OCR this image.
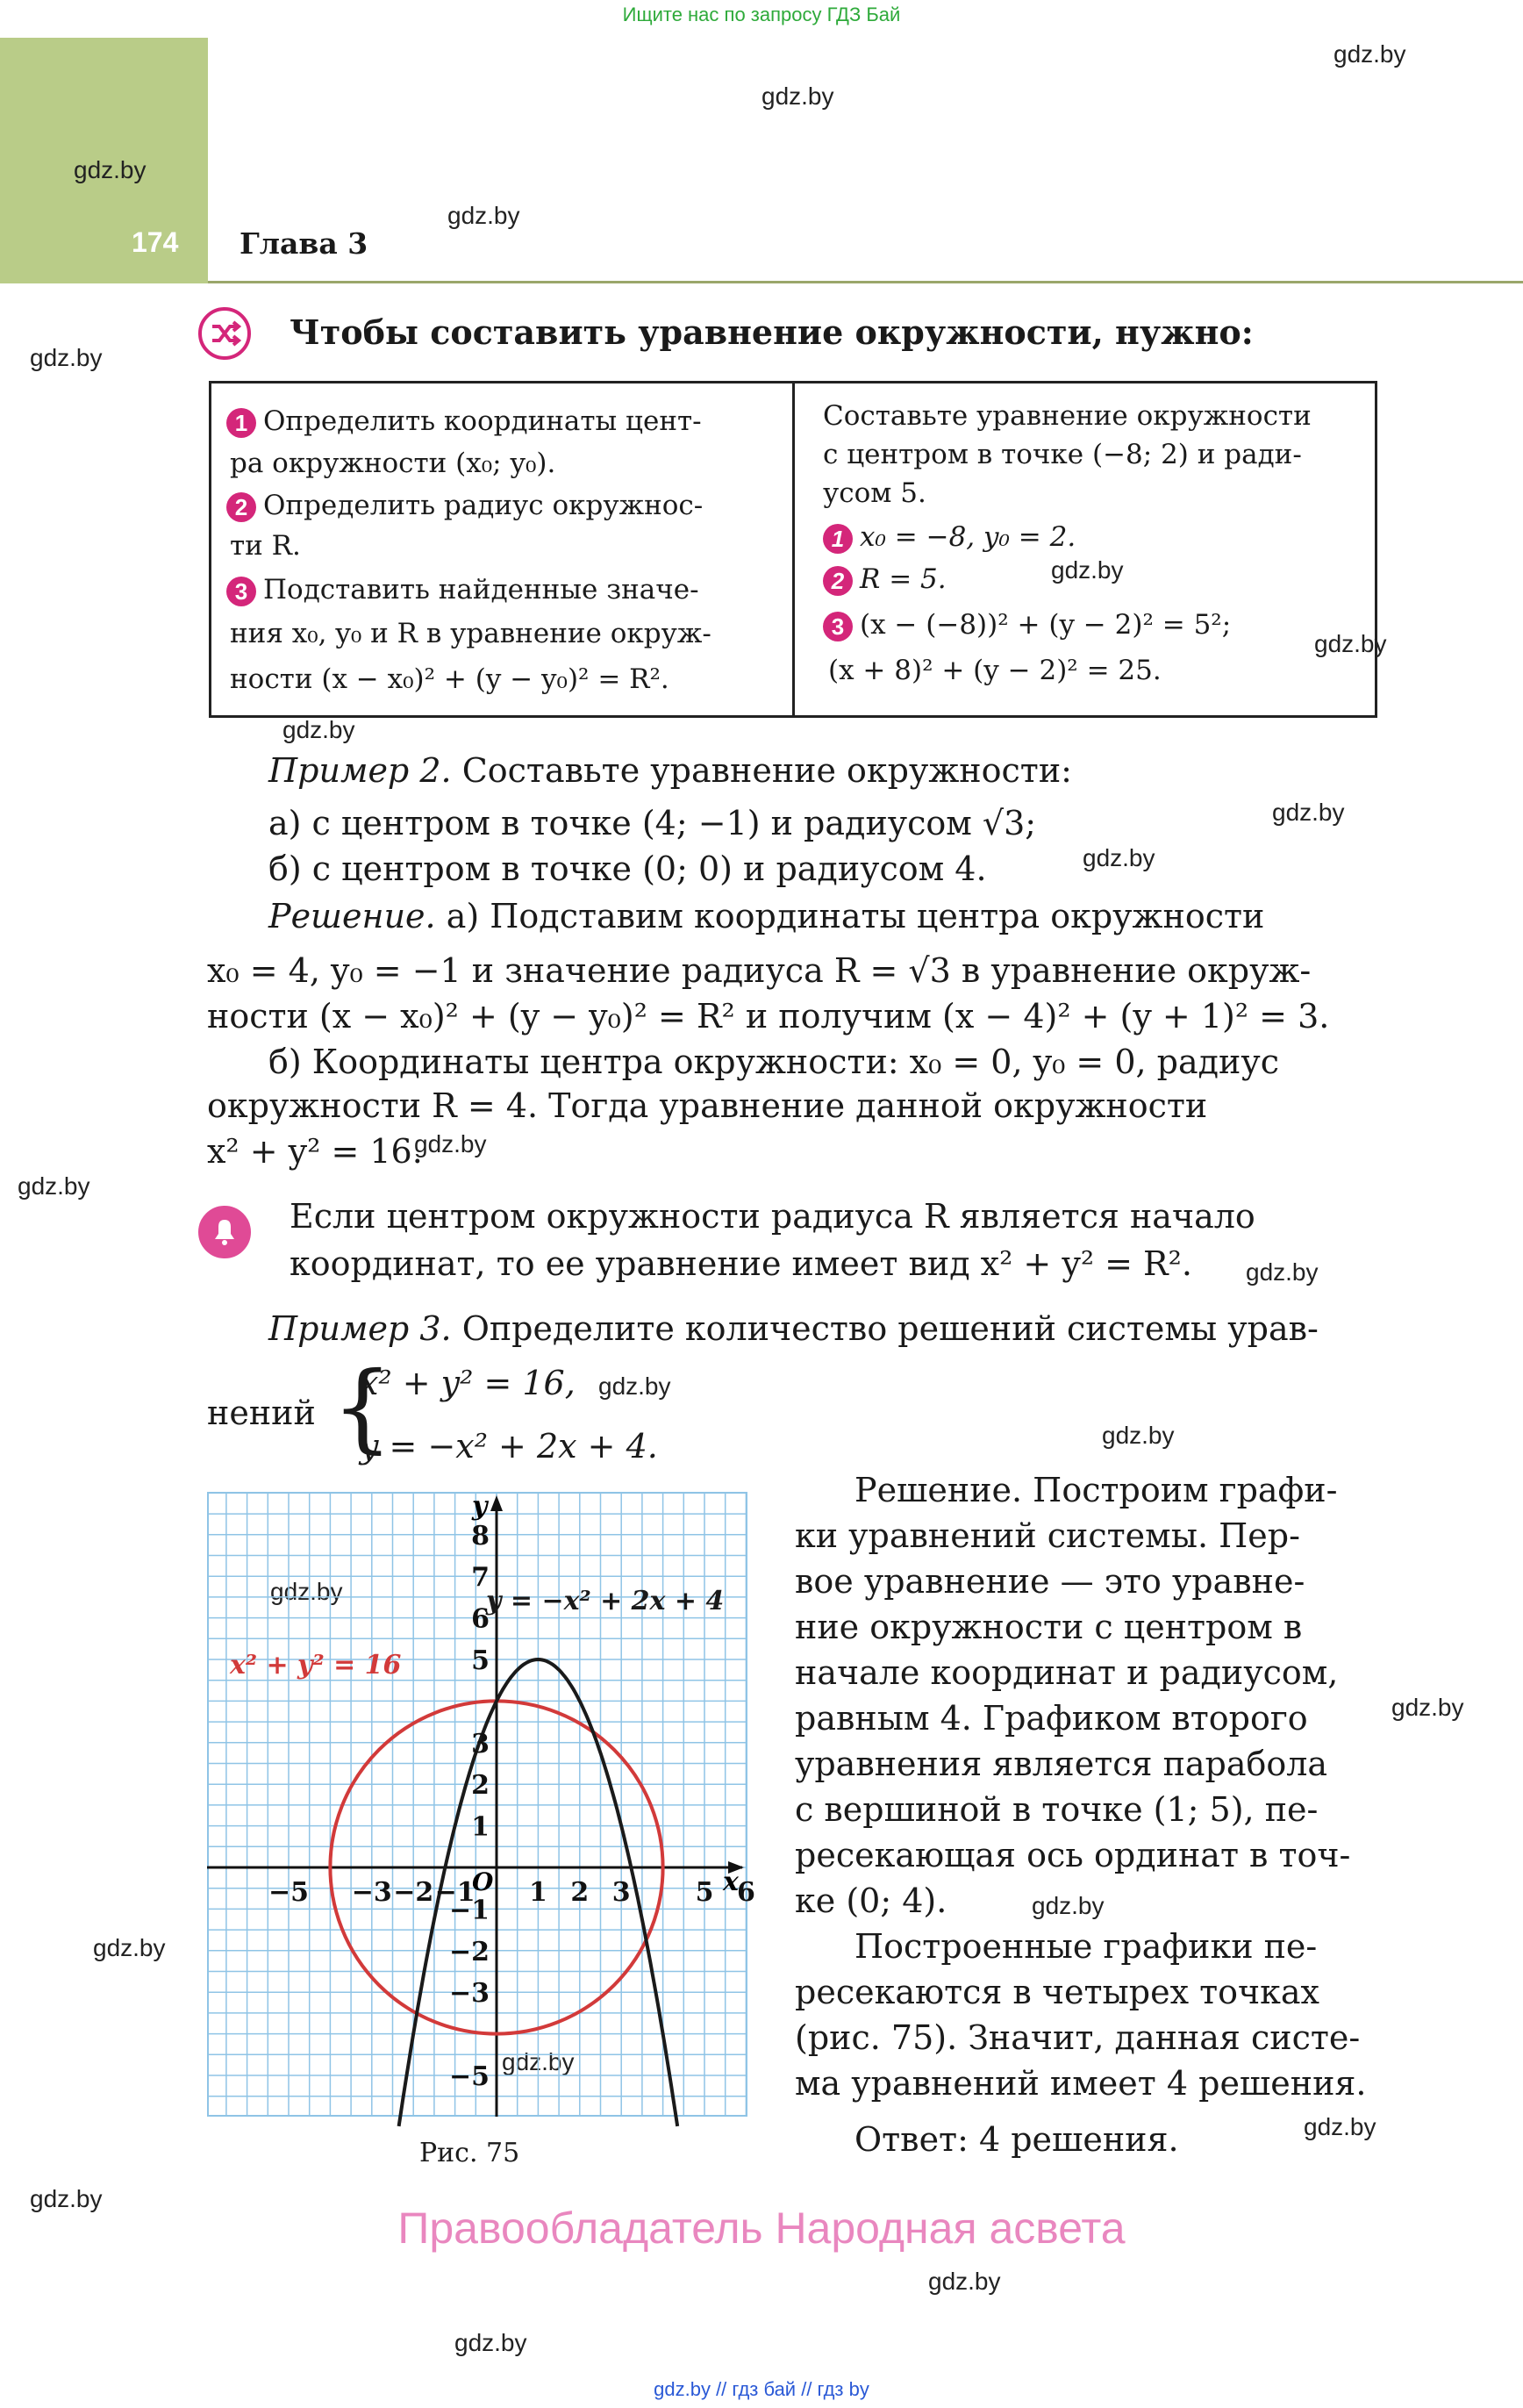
Ищите нас по запросу ГДЗ Бай
174 Глава 3
gdz.by
gdz.by
gdz.by
gdz.by
gdz.by
gdz.by
gdz.by
gdz.by
gdz.by
gdz.by
gdz.by
gdz.by
gdz.by
gdz.by
gdz.by
gdz.by
gdz.by
gdz.by
gdz.by
gdz.by
gdz.by
gdz.by
gdz.by
gdz.by
Чтобы составить уравнение окружности, нужно:
1 Определить координаты цент-
ра окружности (x₀; y₀).
2 Определить радиус окружнос-
ти R.
3 Подставить найденные значе-
ния x₀, y₀ и R в уравнение окруж-
ности (x − x₀)² + (y − y₀)² = R².
Составьте уравнение окружности
с центром в точке (−8; 2) и ради-
усом 5.
1 x₀ = −8, y₀ = 2.
2 R = 5.
3 (x − (−8))² + (y − 2)² = 5²;
(x + 8)² + (y − 2)² = 25.
Пример 2. Составьте уравнение окружности:
а) с центром в точке (4; −1) и радиусом √3;
б) с центром в точке (0; 0) и радиусом 4.
Решение. а) Подставим координаты центра окружности
x₀ = 4, y₀ = −1 и значение радиуса R = √3 в уравнение окруж-
ности (x − x₀)² + (y − y₀)² = R² и получим (x − 4)² + (y + 1)² = 3.
б) Координаты центра окружности: x₀ = 0, y₀ = 0, радиус
окружности R = 4. Тогда уравнение данной окружности
x² + y² = 16.
Если центром окружности радиуса R является начало
координат, то ее уравнение имеет вид x² + y² = R².
Пример 3. Определите количество решений системы урав-
нений {
x² + y² = 16,
y = −x² + 2x + 4.
Решение. Построим графи-
ки уравнений системы. Пер-
вое уравнение — это уравне-
ние окружности с центром в
начале координат и радиусом,
равным 4. Графиком второго
уравнения является парабола
с вершиной в точке (1; 5), пе-
ресекающая ось ординат в точ-
ке (0; 4).
Построенные графики пе-
ресекаются в четырех точках
(рис. 75). Значит, данная систе-
ма уравнений имеет 4 решения.
Ответ: 4 решения.
−5 −3 −2 −1 1 2 3 5 6
8
7
6
5
3
2
1
−1
−2
−3
−5
x
y
O
x² + y² = 16
y = −x² + 2x + 4
Рис. 75
Правообладатель Народная асвета
gdz.by // гдз бай // гдз by
